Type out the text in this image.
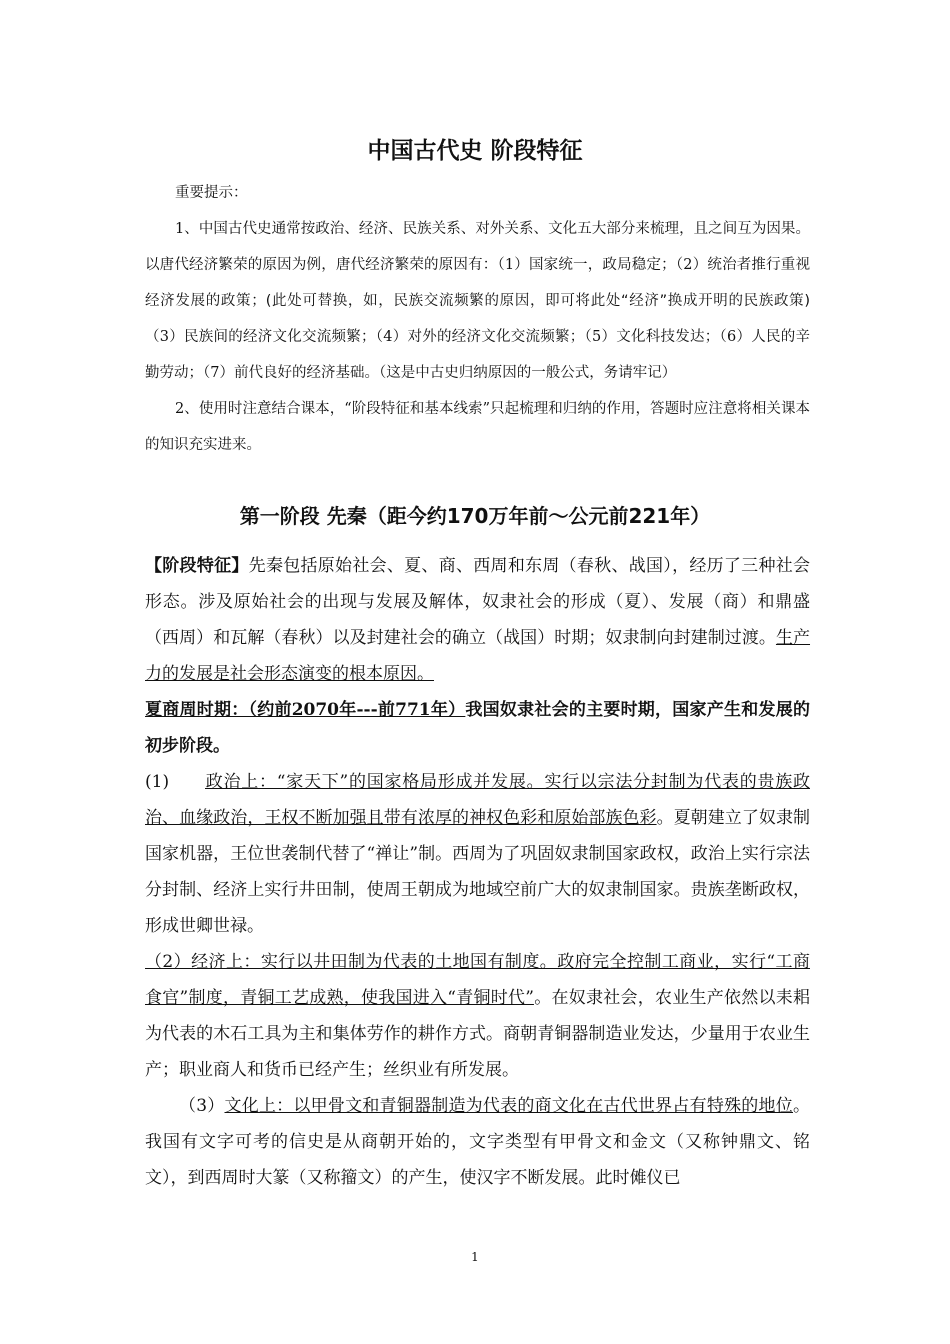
中国古代史 阶段特征
重要提示：
1、中国古代史通常按政治、经济、民族关系、对外关系、文化五大部分来梳理，且之间互为因果。以唐代经济繁荣的原因为例，唐代经济繁荣的原因有：（1）国家统一，政局稳定；（2）统治者推行重视经济发展的政策；(此处可替换，如，民族交流频繁的原因，即可将此处“经济”换成开明的民族政策)（3）民族间的经济文化交流频繁；（4）对外的经济文化交流频繁；（5）文化科技发达；（6）人民的辛勤劳动；（7）前代良好的经济基础。（这是中古史归纳原因的一般公式，务请牢记）
2、使用时注意结合课本，“阶段特征和基本线索”只起梳理和归纳的作用，答题时应注意将相关课本的知识充实进来。
第一阶段 先秦（距今约170万年前～公元前221年）

【阶段特征】先秦包括原始社会、夏、商、西周和东周（春秋、战国），经历了三种社会形态。涉及原始社会的出现与发展及解体，奴隶社会的形成（夏）、发展（商）和鼎盛（西周）和瓦解（春秋）以及封建社会的确立（战国）时期；奴隶制向封建制过渡。生产力的发展是社会形态演变的根本原因。

夏商周时期：（约前2070年---前771年）我国奴隶社会的主要时期，国家产生和发展的初步阶段。

(1) 政治上：“家天下”的国家格局形成并发展。实行以宗法分封制为代表的贵族政治、血缘政治，王权不断加强且带有浓厚的神权色彩和原始部族色彩。夏朝建立了奴隶制国家机器，王位世袭制代替了“禅让”制。西周为了巩固奴隶制国家政权，政治上实行宗法分封制、经济上实行井田制，使周王朝成为地域空前广大的奴隶制国家。贵族垄断政权，形成世卿世禄。

（2）经济上：实行以井田制为代表的土地国有制度。政府完全控制工商业，实行“工商食官”制度，青铜工艺成熟，使我国进入“青铜时代”。在奴隶社会，农业生产依然以耒耜为代表的木石工具为主和集体劳作的耕作方式。商朝青铜器制造业发达，少量用于农业生产；职业商人和货币已经产生；丝织业有所发展。

（3）文化上：以甲骨文和青铜器制造为代表的商文化在古代世界占有特殊的地位。我国有文字可考的信史是从商朝开始的，文字类型有甲骨文和金文（又称钟鼎文、铭文），到西周时大篆（又称籀文）的产生，使汉字不断发展。此时傩仪已

1
